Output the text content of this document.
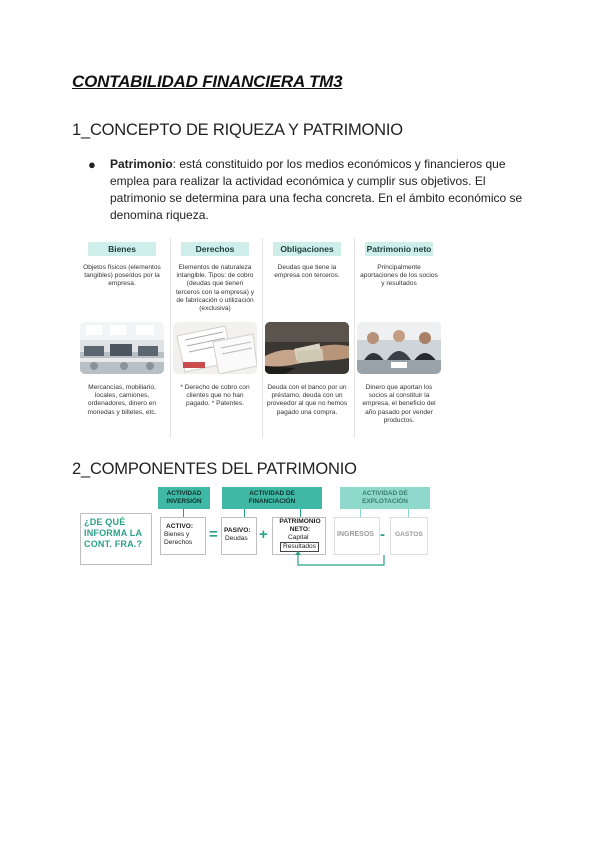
CONTABILIDAD FINANCIERA TM3
1_CONCEPTO DE RIQUEZA Y PATRIMONIO
● Patrimonio: está constituido por los medios económicos y financieros que emplea para realizar la actividad económica y cumplir sus objetivos. El patrimonio se determina para una fecha concreta. En el ámbito económico se denomina riqueza.
Bienes
Objetos físicos (elementos tangibles) poseídos por la empresa.
Mercancías, mobiliario, locales, camiones, ordenadores, dinero en monedas y billetes, etc.
Derechos
Elementos de naturaleza intangible. Tipos: de cobro (deudas que tienen terceros con la empresa) y de fabricación o utilización (exclusiva)
* Derecho de cobro con clientes que no han pagado. * Patentes.
Obligaciones
Deudas que tiene la empresa con terceros.
Deuda con el banco por un préstamo, deuda con un proveedor al que no hemos pagado una compra.
Patrimonio neto
Principalmente aportaciones de los socios y resultados
Dinero que aportan los socios al constituir la empresa, el beneficio del año pasado por vender productos.
2_COMPONENTES DEL PATRIMONIO
ACTIVIDAD
INVERSIÓN
ACTIVIDAD DE
FINANCIACIÓN
ACTIVIDAD DE
EXPLOTACIÓN
¿DE QUÉ
INFORMA LA
CONT. FRA.?
ACTIVO:
Bienes y Derechos	= PASIVO:
Deudas +
PATRIMONIO NETO:
Capital
Resultados
INGRESOS - GASTOS
